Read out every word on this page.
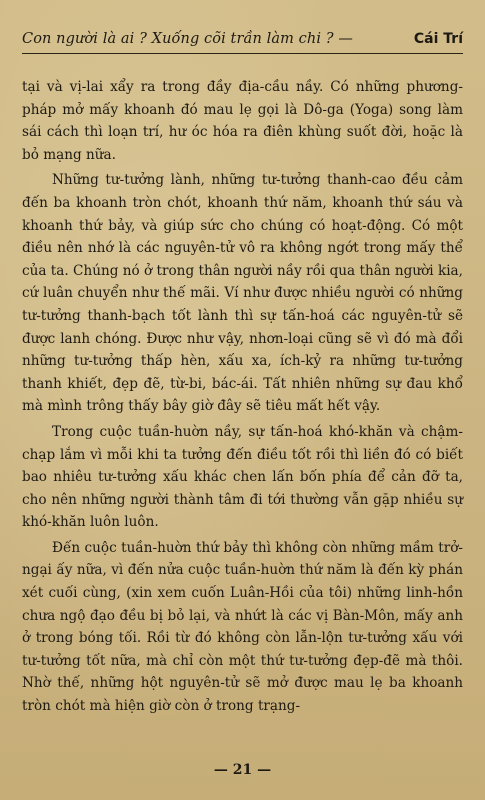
Con người là ai ? Xuống cõi trần làm chi ? —	Cái Trí

tại và vị-lai xẩy ra trong đầy địa-cầu nầy. Có những phương-pháp mở mấy khoanh đó mau lẹ gọi là Dô-ga (Yoga) song làm sái cách thì loạn trí, hư óc hóa ra điên khùng suốt đời, hoặc là bỏ mạng nữa.

Những tư-tưởng lành, những tư-tưởng thanh-cao đều cảm đến ba khoanh tròn chót, khoanh thứ năm, khoanh thứ sáu và khoanh thứ bảy, và giúp sức cho chúng có hoạt-động. Có một điều nên nhớ là các nguyên-tử vô ra không ngớt trong mấy thể của ta. Chúng nó ở trong thân người nầy rồi qua thân người kia, cứ luân chuyển như thế mãi. Ví như được nhiều người có những tư-tưởng thanh-bạch tốt lành thì sự tấn-hoá các nguyên-tử sẽ được lanh chóng. Được như vậy, nhơn-loại cũng sẽ vì đó mà đổi những tư-tưởng thấp hèn, xấu xa, ích-kỷ ra những tư-tưởng thanh khiết, đẹp đẽ, từ-bi, bác-ái. Tất nhiên những sự đau khổ mà mình trông thấy bây giờ đây sẽ tiêu mất hết vậy.

Trong cuộc tuần-huờn nầy, sự tấn-hoá khó-khăn và chậm-chạp lắm vì mỗi khi ta tưởng đến điều tốt rồi thì liền đó có biết bao nhiêu tư-tưởng xấu khác chen lấn bốn phía để cản đỡ ta, cho nên những người thành tâm đi tới thường vẫn gặp nhiều sự khó-khăn luôn luôn.

Đến cuộc tuần-huờn thứ bảy thì không còn những mầm trở-ngại ấy nữa, vì đến nửa cuộc tuần-huờn thứ năm là đến kỳ phán xét cuối cùng, (xin xem cuốn Luân-Hồi của tôi) những linh-hồn chưa ngộ đạo đều bị bỏ lại, và nhứt là các vị Bàn-Môn, mấy anh ở trong bóng tối. Rồi từ đó không còn lẫn-lộn tư-tưởng xấu với tư-tưởng tốt nữa, mà chỉ còn một thứ tư-tưởng đẹp-đẽ mà thôi. Nhờ thế, những hột nguyên-tử sẽ mở được mau lẹ ba khoanh tròn chót mà hiện giờ còn ở trong trạng-

— 21 —
